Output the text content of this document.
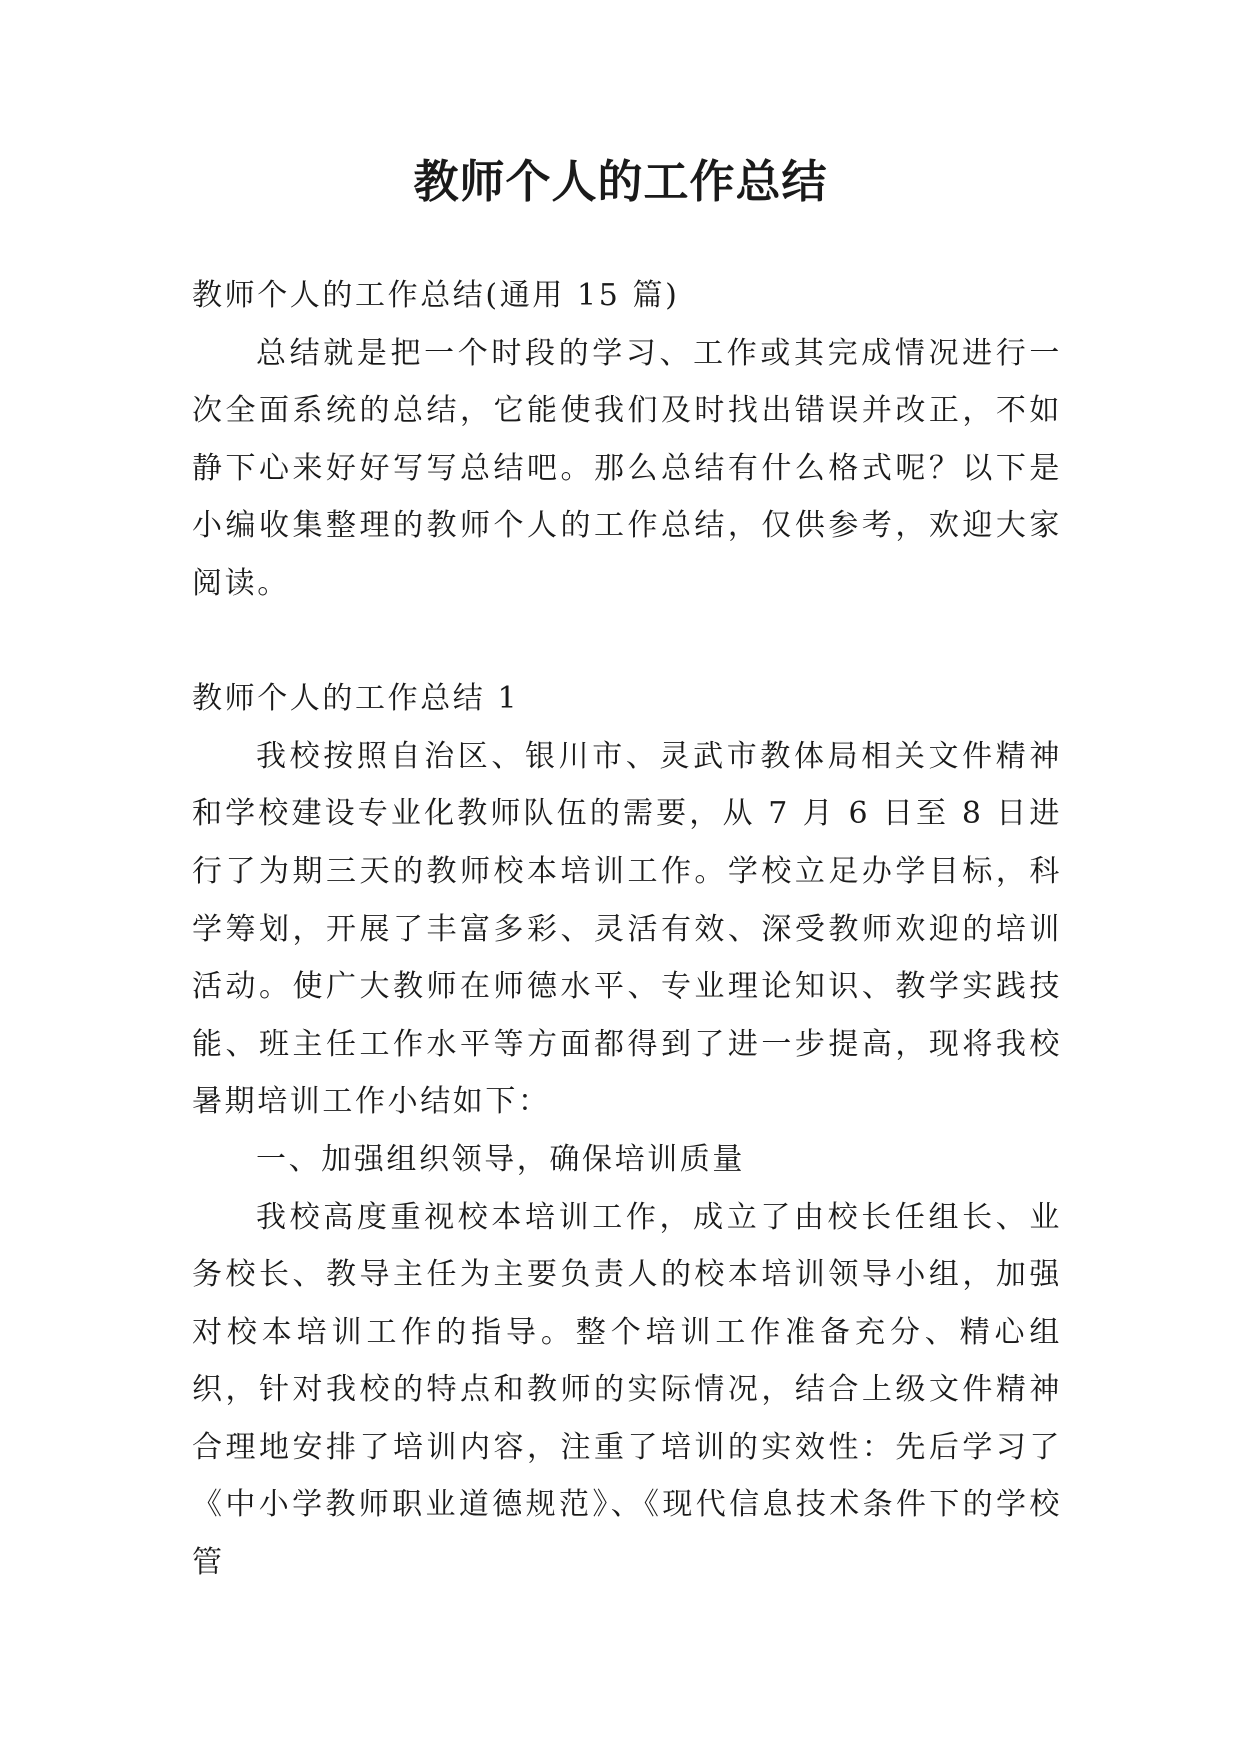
教师个人的工作总结

教师个人的工作总结(通用 15 篇)

总结就是把一个时段的学习、工作或其完成情况进行一次全面系统的总结，它能使我们及时找出错误并改正，不如静下心来好好写写总结吧。那么总结有什么格式呢？以下是小编收集整理的教师个人的工作总结，仅供参考，欢迎大家阅读。

教师个人的工作总结 1

我校按照自治区、银川市、灵武市教体局相关文件精神和学校建设专业化教师队伍的需要，从 7 月 6 日至 8 日进行了为期三天的教师校本培训工作。学校立足办学目标，科学筹划，开展了丰富多彩、灵活有效、深受教师欢迎的培训活动。使广大教师在师德水平、专业理论知识、教学实践技能、班主任工作水平等方面都得到了进一步提高，现将我校暑期培训工作小结如下：

一、加强组织领导，确保培训质量

我校高度重视校本培训工作，成立了由校长任组长、业务校长、教导主任为主要负责人的校本培训领导小组，加强对校本培训工作的指导。整个培训工作准备充分、精心组织，针对我校的特点和教师的实际情况，结合上级文件精神合理地安排了培训内容，注重了培训的实效性：先后学习了《中小学教师职业道德规范》、《现代信息技术条件下的学校管
